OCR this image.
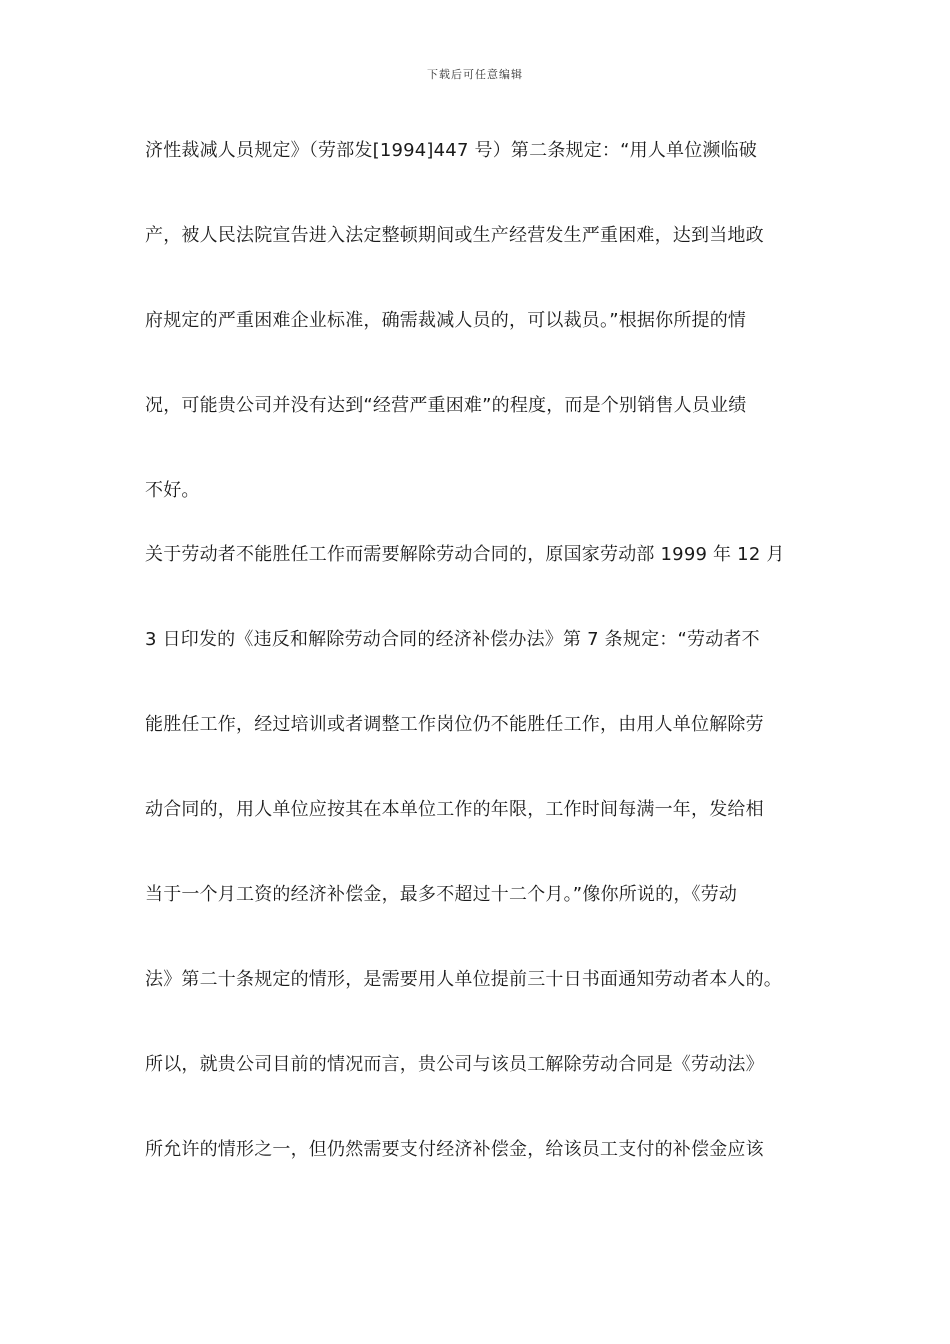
下载后可任意编辑
济性裁减人员规定》（劳部发[1994]447 号）第二条规定：“用人单位濒临破
产，被人民法院宣告进入法定整顿期间或生产经营发生严重困难，达到当地政
府规定的严重困难企业标准，确需裁减人员的，可以裁员。”根据你所提的情
况，可能贵公司并没有达到“经营严重困难”的程度，而是个别销售人员业绩
不好。
关于劳动者不能胜任工作而需要解除劳动合同的，原国家劳动部 1999 年 12 月
3 日印发的《违反和解除劳动合同的经济补偿办法》第 7 条规定：“劳动者不
能胜任工作，经过培训或者调整工作岗位仍不能胜任工作，由用人单位解除劳
动合同的，用人单位应按其在本单位工作的年限，工作时间每满一年，发给相
当于一个月工资的经济补偿金，最多不超过十二个月。”像你所说的，《劳动
法》第二十条规定的情形，是需要用人单位提前三十日书面通知劳动者本人的。
所以，就贵公司目前的情况而言，贵公司与该员工解除劳动合同是《劳动法》
所允许的情形之一，但仍然需要支付经济补偿金，给该员工支付的补偿金应该
